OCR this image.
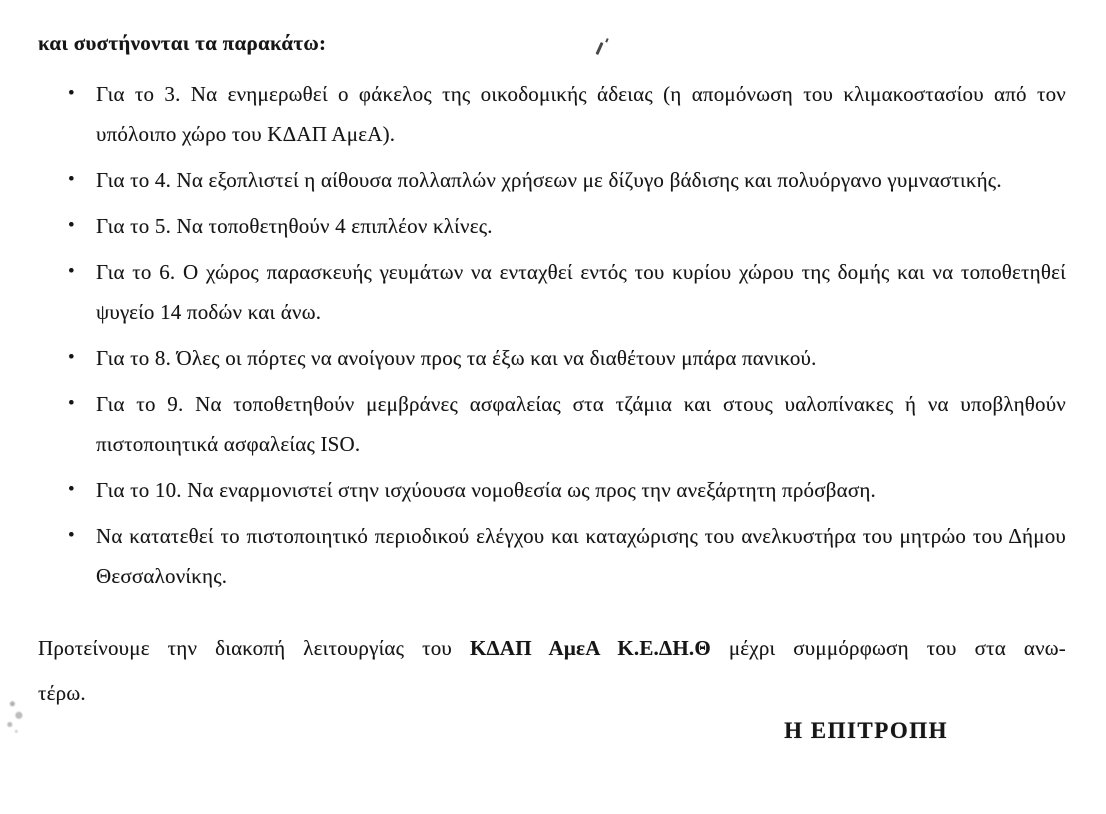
και συστήνονται τα παρακάτω:
•	Για το 3. Να ενημερωθεί ο φάκελος της οικοδομικής άδειας (η απομόνωση του κλιμακοστασίου από τον υπόλοιπο χώρο του ΚΔΑΠ ΑμεΑ).
•	Για το 4. Να εξοπλιστεί η αίθουσα πολλαπλών χρήσεων με δίζυγο βάδισης και πολυόργανο γυμναστικής.
•	Για το 5. Να τοποθετηθούν 4 επιπλέον κλίνες.
•	Για το 6. Ο χώρος παρασκευής γευμάτων να ενταχθεί εντός του κυρίου χώρου της δομής και να τοποθετηθεί ψυγείο 14 ποδών και άνω.
•	Για το 8. Όλες οι πόρτες να ανοίγουν προς τα έξω και να διαθέτουν μπάρα πανικού.
•	Για το 9. Να τοποθετηθούν μεμβράνες ασφαλείας στα τζάμια και στους υαλοπίνακες ή να υποβληθούν πιστοποιητικά ασφαλείας ISO.
•	Για το 10. Να εναρμονιστεί στην ισχύουσα νομοθεσία ως προς την ανεξάρτητη πρόσβαση.
•	Να κατατεθεί το πιστοποιητικό περιοδικού ελέγχου και καταχώρισης του ανελκυστήρα του μητρώο του Δήμου Θεσσαλονίκης.
Προτείνουμε την διακοπή λειτουργίας του ΚΔΑΠ ΑμεΑ Κ.Ε.ΔΗ.Θ μέχρι συμμόρφωση του στα ανω-
τέρω.
Η ΕΠΙΤΡΟΠΗ
